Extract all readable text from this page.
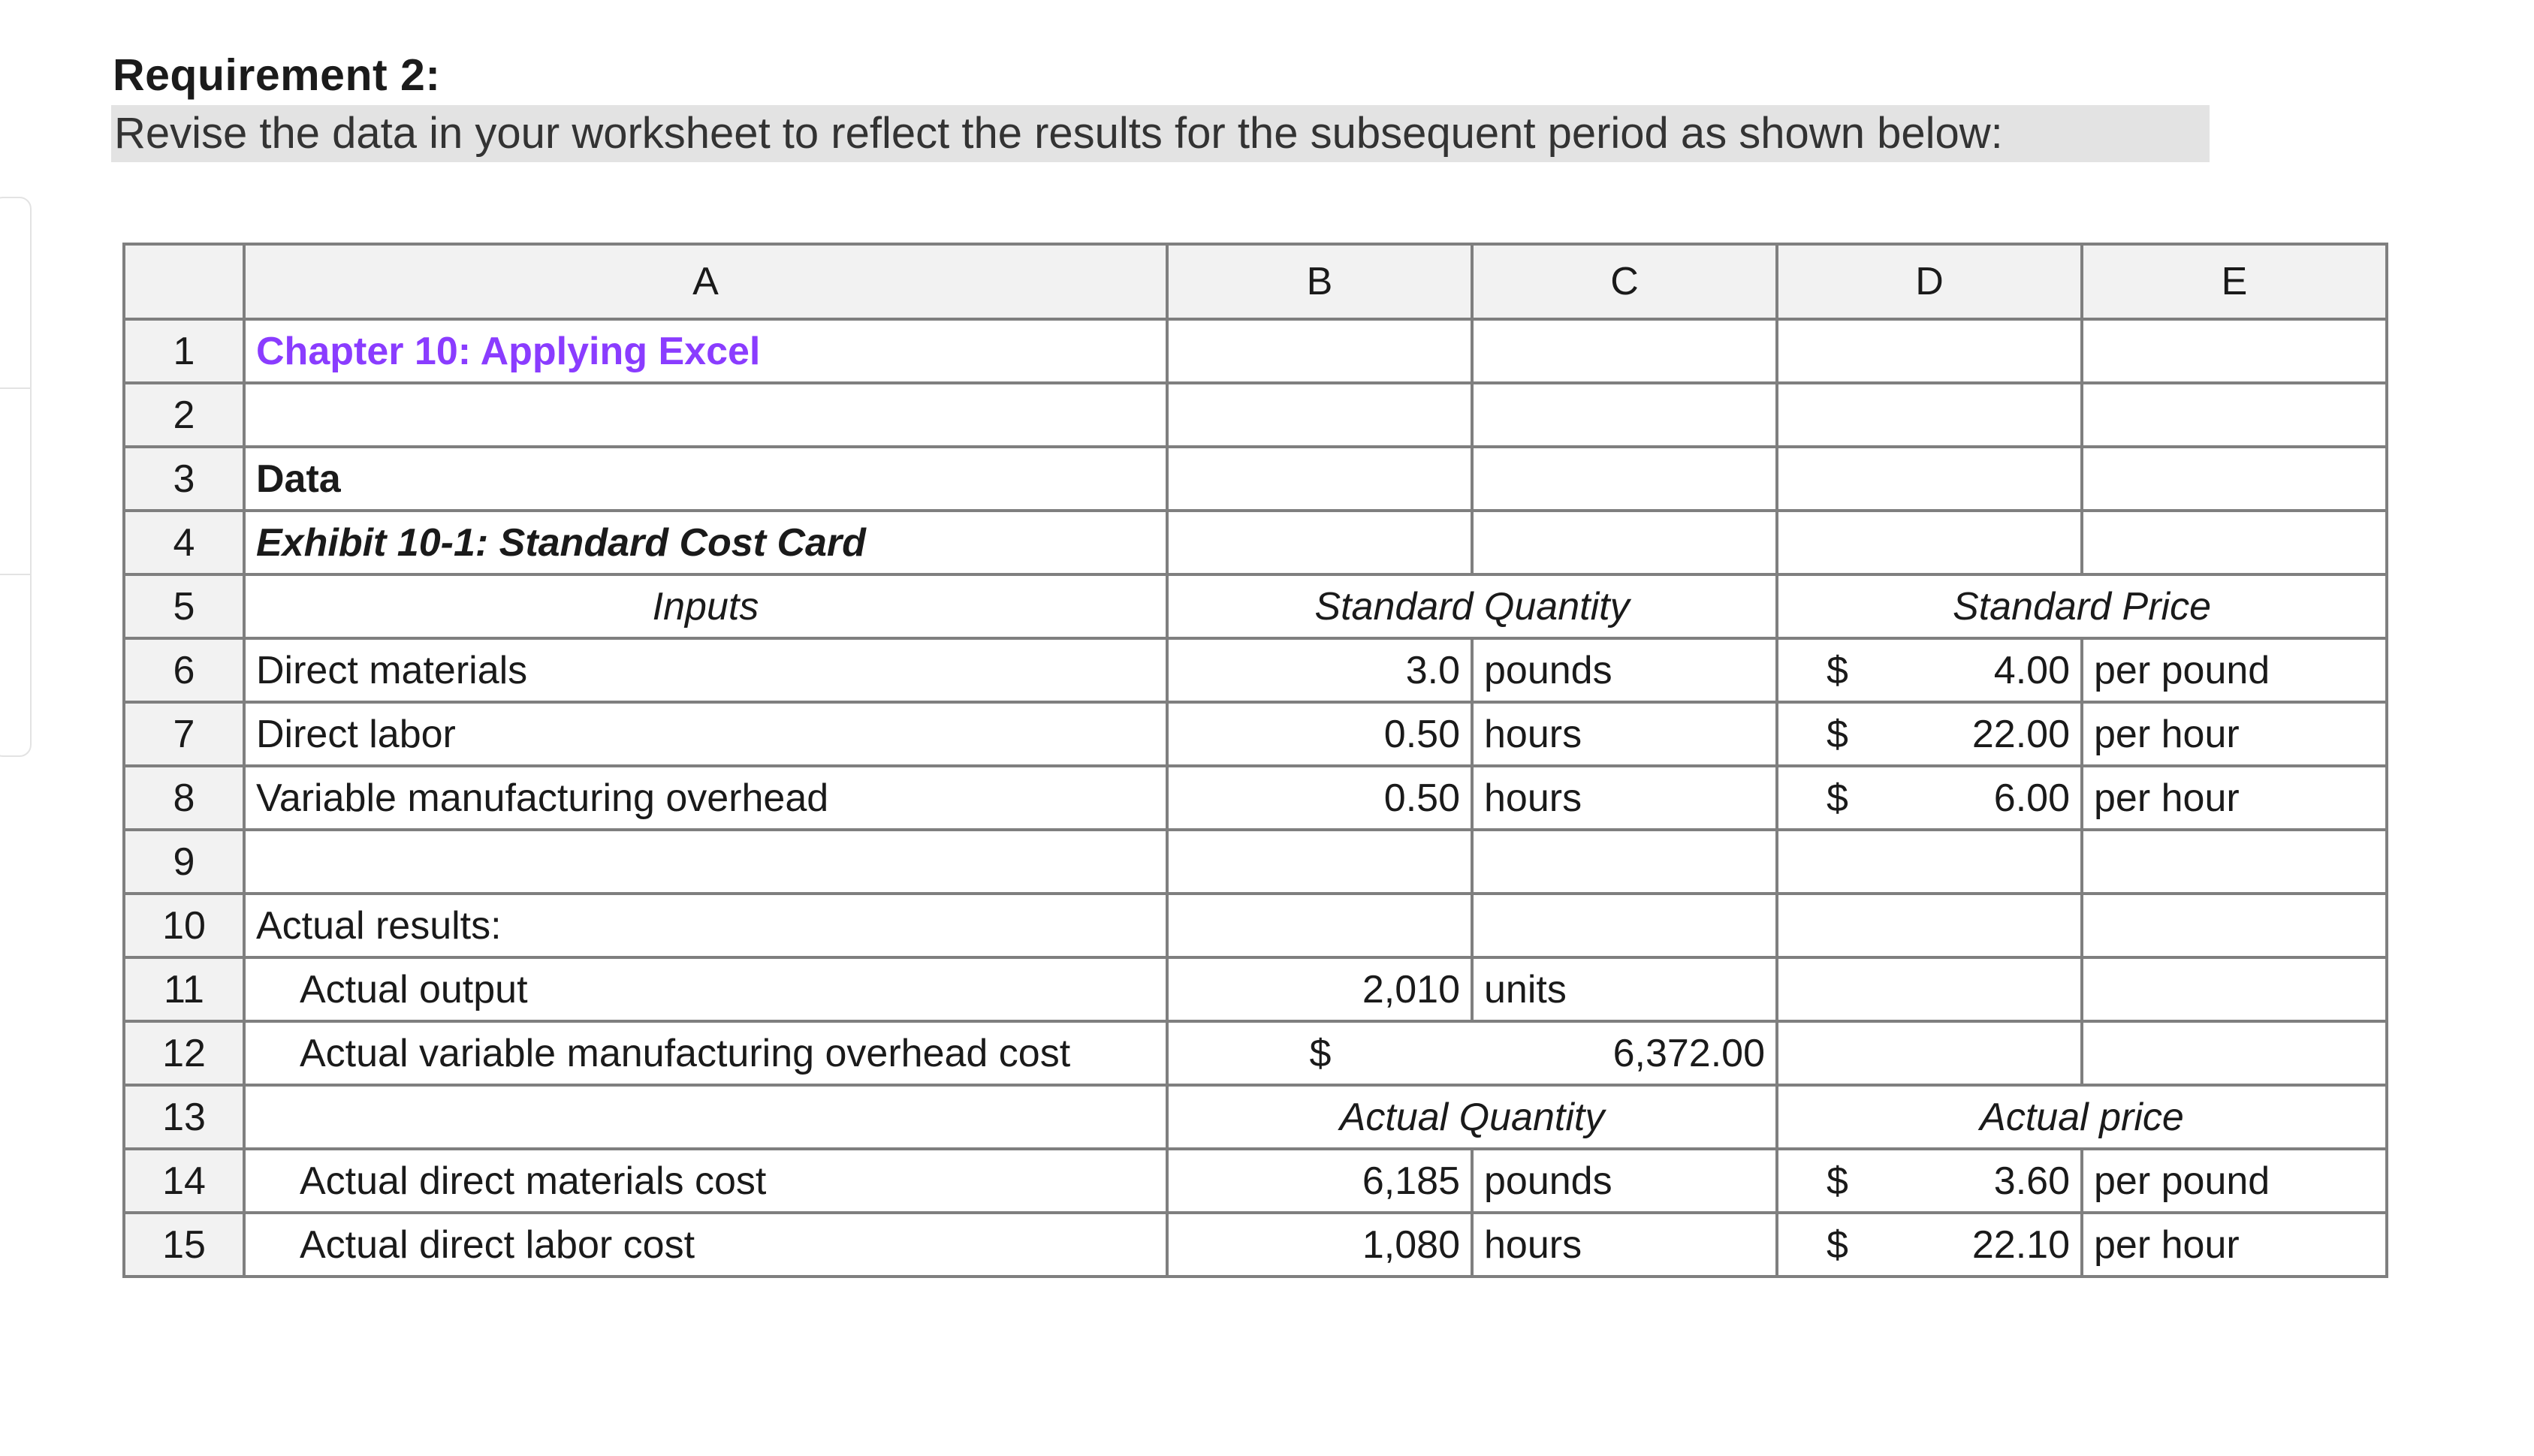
Requirement 2:
Revise the data in your worksheet to reflect the results for the subsequent period as shown below:
	A	B	C	D	E
1	Chapter 10: Applying Excel				
2					
3	Data				
4	Exhibit 10-1: Standard Cost Card				
5	Inputs	Standard Quantity		Standard Price	
6	Direct materials	3.0	pounds	$ 4.00	per pound
7	Direct labor	0.50	hours	$ 22.00	per hour
8	Variable manufacturing overhead	0.50	hours	$ 6.00	per hour
9					
10	Actual results:				
11	Actual output	2,010	units		
12	Actual variable manufacturing overhead cost	$	6,372.00		
13		Actual Quantity		Actual price	
14	Actual direct materials cost	6,185	pounds	$ 3.60	per pound
15	Actual direct labor cost	1,080	hours	$ 22.10	per hour
